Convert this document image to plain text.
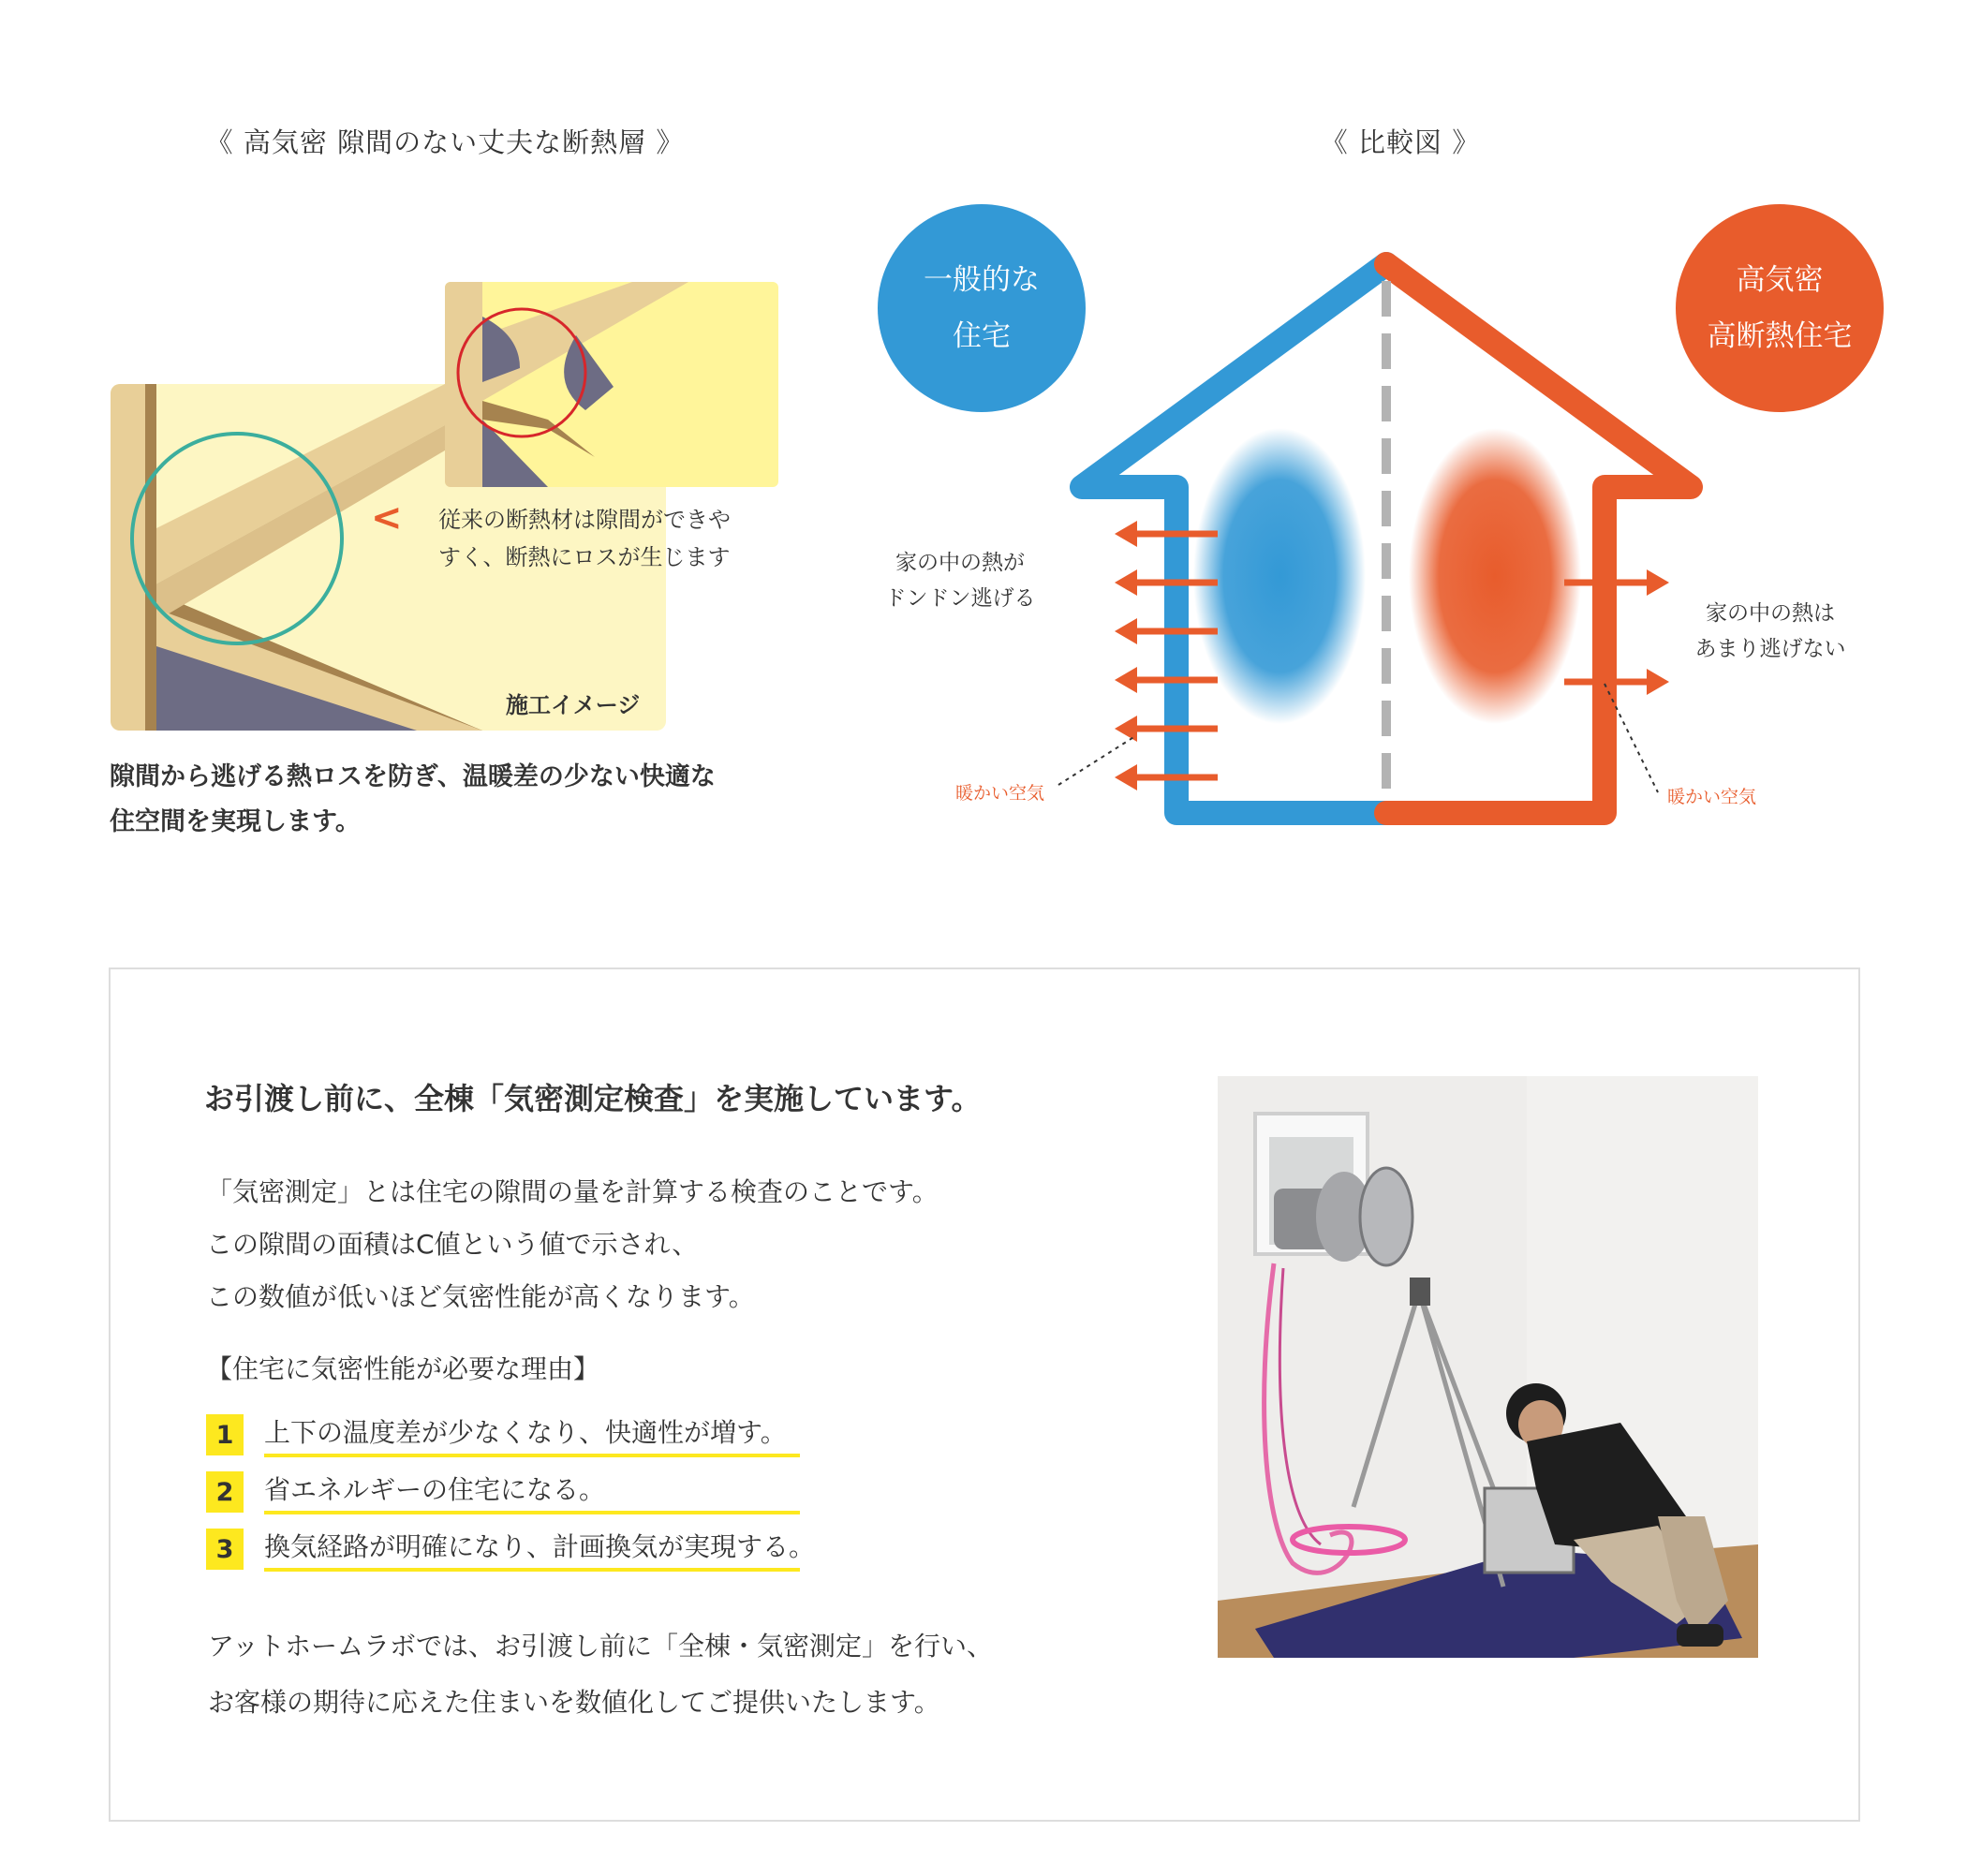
《 高気密 隙間のない丈夫な断熱層 》
< 従来の断熱材は隙間ができや
すく、断熱にロスが生じます
施工イメージ
隙間から逃げる熱ロスを防ぎ、温暖差の少ない快適な
住空間を実現します。
《 比較図 》
一般的な
住宅
高気密
高断熱住宅
家の中の熱が
ドンドン逃げる
家の中の熱は
あまり逃げない
暖かい空気	暖かい空気
お引渡し前に、全棟「気密測定検査」を実施しています。
「気密測定」とは住宅の隙間の量を計算する検査のことです。
この隙間の面積はC値という値で示され、
この数値が低いほど気密性能が高くなります。
【住宅に気密性能が必要な理由】
1	上下の温度差が少なくなり、快適性が増す。
2	省エネルギーの住宅になる。
3	換気経路が明確になり、計画換気が実現する。
アットホームラボでは、お引渡し前に「全棟・気密測定」を行い、
お客様の期待に応えた住まいを数値化してご提供いたします。
